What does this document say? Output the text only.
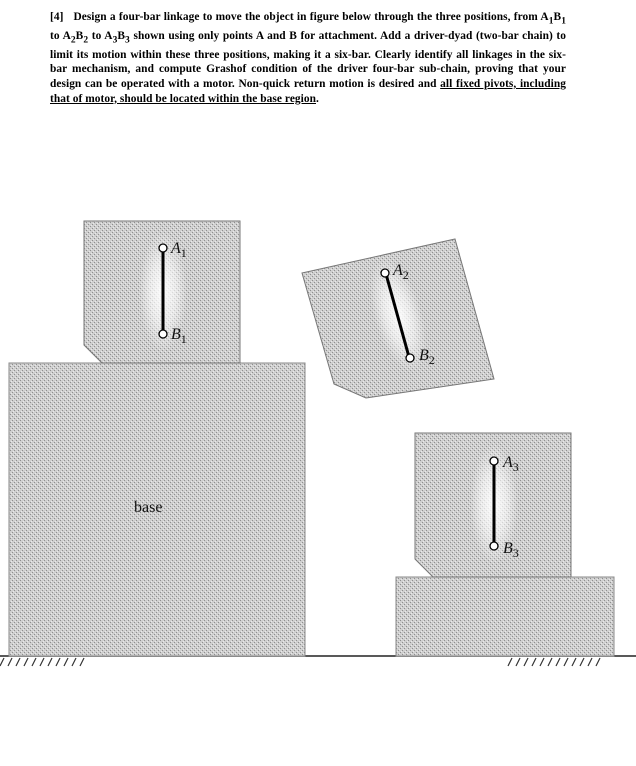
[4] Design a four-bar linkage to move the object in figure below through the three positions, from $A_1B_1$ to $A_2B_2$ to $A_3B_3$ shown using only points A and B for attachment. Add a driver-dyad (two-bar chain) to limit its motion within these three positions, making it a six-bar. Clearly identify all linkages in the six-bar mechanism, and compute Grashof condition of the driver four-bar sub-chain, proving that your design can be operated with a motor. Non-quick return motion is desired and all fixed pivots, including that of motor, should be located within the base region.
base
$A_1$
$B_1$
$A_2$
$B_2$
$A_3$
$B_3$
